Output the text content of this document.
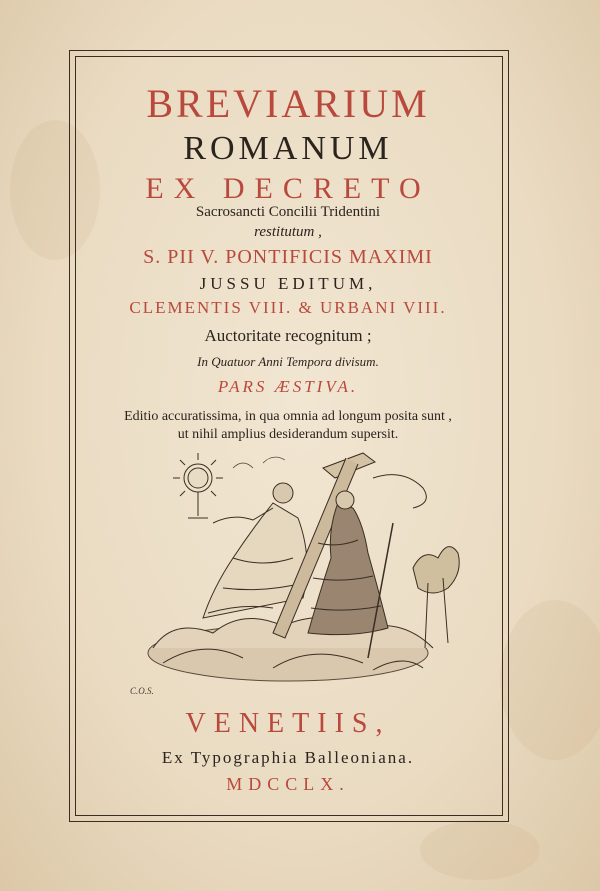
BREVIARIUM
ROMANUM
EX DECRETO
Sacrosancti Concilii Tridentini
restitutum ,
S. PII V. PONTIFICIS MAXIMI
JUSSU EDITUM,
CLEMENTIS VIII. & URBANI VIII.
Auctoritate recognitum ;
In Quatuor Anni Tempora divisum.
PARS ÆSTIVA.
Editio accuratissima, in qua omnia ad longum posita sunt ,
ut nihil amplius desiderandum supersit.
C.O.S.
VENETIIS,
Ex Typographia Balleoniana.
MDCCLX.
